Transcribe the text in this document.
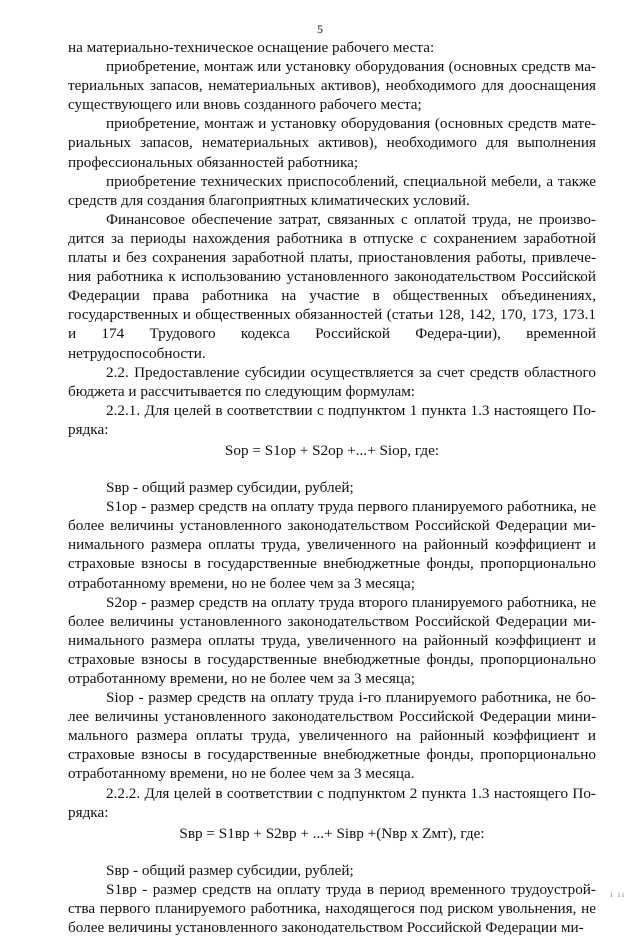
5

на материально-техническое оснащение рабочего места:

приобретение, монтаж или установку оборудования (основных средств ма-териальных запасов, нематериальных активов), необходимого для дооснащения существующего или вновь созданного рабочего места;

приобретение, монтаж и установку оборудования (основных средств мате-риальных запасов, нематериальных активов), необходимого для выполнения профессиональных обязанностей работника;

приобретение технических приспособлений, специальной мебели, а также средств для создания благоприятных климатических условий.

Финансовое обеспечение затрат, связанных с оплатой труда, не произво-дится за периоды нахождения работника в отпуске с сохранением заработной платы и без сохранения заработной платы, приостановления работы, привлече-ния работника к использованию установленного законодательством Российской Федерации права работника на участие в общественных объединениях, государственных и общественных обязанностей (статьи 128, 142, 170, 173, 173.1 и 174 Трудового кодекса Российской Федера-ции), временной нетрудоспособности.

2.2. Предоставление субсидии осуществляется за счет средств областного бюджета и рассчитывается по следующим формулам:

2.2.1. Для целей в соответствии с подпунктом 1 пункта 1.3 настоящего По-рядка:

Sор = S1ор + S2ор +...+ Siop, где:

Sвр - общий размер субсидии, рублей;

S1ор - размер средств на оплату труда первого планируемого работника, не более величины установленного законодательством Российской Федерации ми-нимального размера оплаты труда, увеличенного на районный коэффициент и страховые взносы в государственные внебюджетные фонды, пропорционально отработанному времени, но не более чем за 3 месяца;

S2ор - размер средств на оплату труда второго планируемого работника, не более величины установленного законодательством Российской Федерации ми-нимального размера оплаты труда, увеличенного на районный коэффициент и страховые взносы в государственные внебюджетные фонды, пропорционально отработанному времени, но не более чем за 3 месяца;

Siop - размер средств на оплату труда i-го планируемого работника, не бо-лее величины установленного законодательством Российской Федерации мини-мального размера оплаты труда, увеличенного на районный коэффициент и страховые взносы в государственные внебюджетные фонды, пропорционально отработанному времени, но не более чем за 3 месяца.

2.2.2. Для целей в соответствии с подпунктом 2 пункта 1.3 настоящего По-рядка:

Sвр = S1вр + S2вр + ...+ Siвр +(Nвр х Zмт), где:

Sвр - общий размер субсидии, рублей;

S1вр - размер средств на оплату труда в период временного трудоустрой-ства первого планируемого работника, находящегося под риском увольнения, не более величины установленного законодательством Российской Федерации ми-

i ii
